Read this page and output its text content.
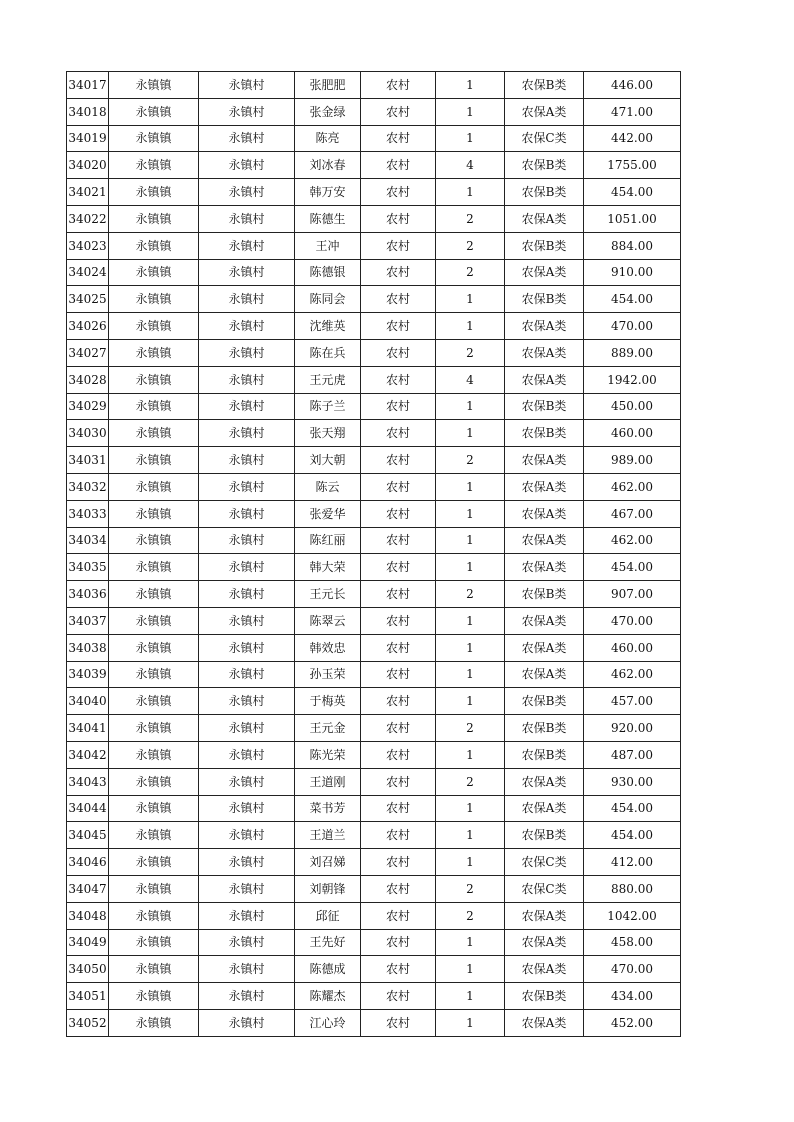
34017	永镇镇	永镇村	张肥肥	农村	1	农保B类	446.00
34018	永镇镇	永镇村	张金绿	农村	1	农保A类	471.00
34019	永镇镇	永镇村	陈亮	农村	1	农保C类	442.00
34020	永镇镇	永镇村	刘冰春	农村	4	农保B类	1755.00
34021	永镇镇	永镇村	韩万安	农村	1	农保B类	454.00
34022	永镇镇	永镇村	陈德生	农村	2	农保A类	1051.00
34023	永镇镇	永镇村	王冲	农村	2	农保B类	884.00
34024	永镇镇	永镇村	陈德银	农村	2	农保A类	910.00
34025	永镇镇	永镇村	陈同会	农村	1	农保B类	454.00
34026	永镇镇	永镇村	沈维英	农村	1	农保A类	470.00
34027	永镇镇	永镇村	陈在兵	农村	2	农保A类	889.00
34028	永镇镇	永镇村	王元虎	农村	4	农保A类	1942.00
34029	永镇镇	永镇村	陈子兰	农村	1	农保B类	450.00
34030	永镇镇	永镇村	张天翔	农村	1	农保B类	460.00
34031	永镇镇	永镇村	刘大朝	农村	2	农保A类	989.00
34032	永镇镇	永镇村	陈云	农村	1	农保A类	462.00
34033	永镇镇	永镇村	张爱华	农村	1	农保A类	467.00
34034	永镇镇	永镇村	陈红丽	农村	1	农保A类	462.00
34035	永镇镇	永镇村	韩大荣	农村	1	农保A类	454.00
34036	永镇镇	永镇村	王元长	农村	2	农保B类	907.00
34037	永镇镇	永镇村	陈翠云	农村	1	农保A类	470.00
34038	永镇镇	永镇村	韩效忠	农村	1	农保A类	460.00
34039	永镇镇	永镇村	孙玉荣	农村	1	农保A类	462.00
34040	永镇镇	永镇村	于梅英	农村	1	农保B类	457.00
34041	永镇镇	永镇村	王元金	农村	2	农保B类	920.00
34042	永镇镇	永镇村	陈光荣	农村	1	农保B类	487.00
34043	永镇镇	永镇村	王道刚	农村	2	农保A类	930.00
34044	永镇镇	永镇村	菜书芳	农村	1	农保A类	454.00
34045	永镇镇	永镇村	王道兰	农村	1	农保B类	454.00
34046	永镇镇	永镇村	刘召娣	农村	1	农保C类	412.00
34047	永镇镇	永镇村	刘朝锋	农村	2	农保C类	880.00
34048	永镇镇	永镇村	邱征	农村	2	农保A类	1042.00
34049	永镇镇	永镇村	王先好	农村	1	农保A类	458.00
34050	永镇镇	永镇村	陈德成	农村	1	农保A类	470.00
34051	永镇镇	永镇村	陈耀杰	农村	1	农保B类	434.00
34052	永镇镇	永镇村	江心玲	农村	1	农保A类	452.00
